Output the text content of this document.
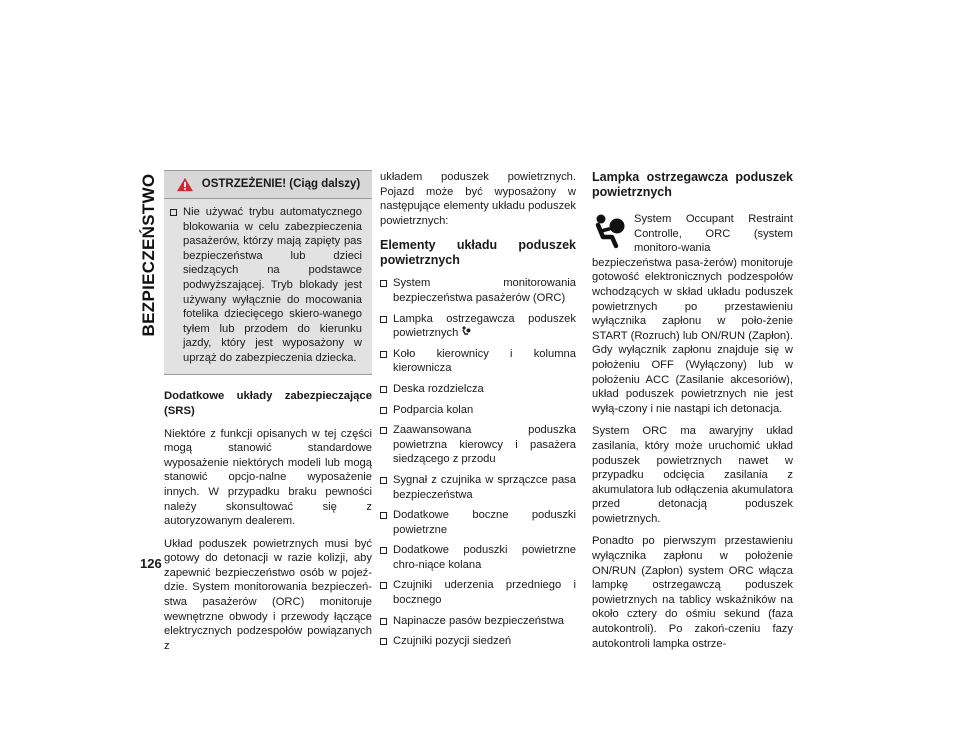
BEZPIECZEŃSTWO
126
OSTRZEŻENIE! (Ciąg dalszy)
Nie używać trybu automatycznego blokowania w celu zabezpieczenia pasażerów, którzy mają zapięty pas bezpieczeństwa lub dzieci siedzących na podstawce podwyższającej. Tryb blokady jest używany wyłącznie do mocowania fotelika dziecięcego skiero-wanego tyłem lub przodem do kierunku jazdy, który jest wyposażony w uprząż do zabezpieczenia dziecka.
Dodatkowe układy zabezpieczające (SRS)

Niektóre z funkcji opisanych w tej części mogą stanowić standardowe wyposażenie niektórych modeli lub mogą stanowić opcjo-nalne wyposażenie innych. W przypadku braku pewności należy skonsultować się z autoryzowanym dealerem.

Układ poduszek powietrznych musi być gotowy do detonacji w razie kolizji, aby zapewnić bezpieczeństwo osób w pojeź-dzie. System monitorowania bezpieczeń-stwa pasażerów (ORC) monitoruje wewnętrzne obwody i przewody łączące elektrycznych podzespołów powiązanych z

układem poduszek powietrznych. Pojazd może być wyposażony w następujące elementy układu poduszek powietrznych:

Elementy układu poduszek powietrznych
System monitorowania bezpieczeństwa pasażerów (ORC)
Lampka ostrzegawcza poduszek powietrznych
Koło kierownicy i kolumna kierownicza
Deska rozdzielcza
Podparcia kolan
Zaawansowana poduszka powietrzna kierowcy i pasażera siedzącego z przodu
Sygnał z czujnika w sprzączce pasa bezpieczeństwa
Dodatkowe boczne poduszki powietrzne
Dodatkowe poduszki powietrzne chro-niące kolana
Czujniki uderzenia przedniego i bocznego
Napinacze pasów bezpieczeństwa
Czujniki pozycji siedzeń
Lampka ostrzegawcza poduszek powietrznych

System Occupant Restraint Controlle, ORC (system monitoro-wania bezpieczeństwa pasa-żerów) monitoruje gotowość elektronicznych podzespołów wchodzących w skład układu poduszek powietrznych po przestawieniu wyłącznika zapłonu w poło-żenie START (Rozruch) lub ON/RUN (Zapłon). Gdy wyłącznik zapłonu znajduje się w położeniu OFF (Wyłączony) lub w położeniu ACC (Zasilanie akcesoriów), układ poduszek powietrznych nie jest wyłą-czony i nie nastąpi ich detonacja.

System ORC ma awaryjny układ zasilania, który może uruchomić układ poduszek powietrznych nawet w przypadku odcięcia zasilania z akumulatora lub odłączenia akumulatora przed detonacją poduszek powietrznych.

Ponadto po pierwszym przestawieniu wyłącznika zapłonu w położenie ON/RUN (Zapłon) system ORC włącza lampkę ostrzegawczą poduszek powietrznych na tablicy wskaźników na około cztery do ośmiu sekund (faza autokontroli). Po zakoń-czeniu fazy autokontroli lampka ostrze-
